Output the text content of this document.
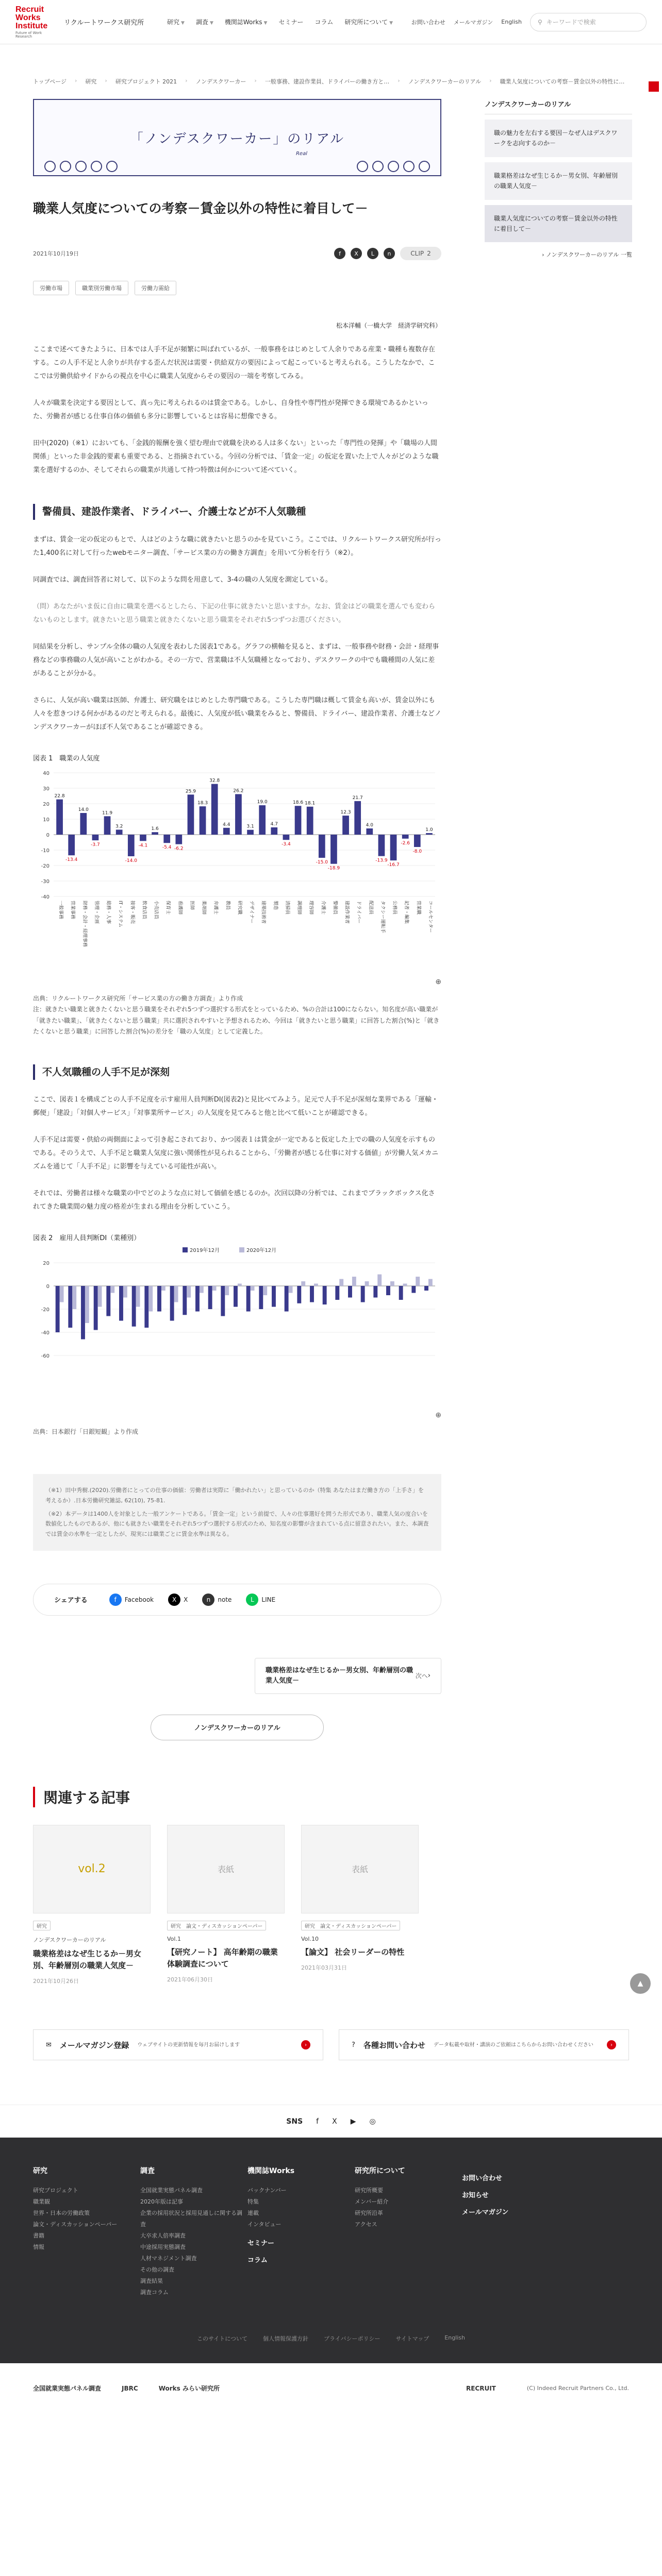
Recruit
Works
Institute
Future of Work Research
リクルートワークス研究所	研究 ▼ 調査 ▼ 機関誌Works ▼ セミナー コラム 研究所について ▼	お問い合わせ メールマガジン English	⚲ キーワードで検索
トップページ › 研究 › 研究プロジェクト 2021 › ノンデスクワーカー › 一般事務、建設作業員、ドライバーの働き方と… › ノンデスクワーカーのリアル › 職業人気度についての考察－賃金以外の特性に…
「ノンデスクワーカー」のリアル
Real
職業人気度についての考察－賃金以外の特性に着目して－
2021年10月19日	f	X	L	n	CLIP 2
労働市場	職業別労働市場	労働力需給
松本洋輔（一橋大学　経済学研究科）

ここまで述べてきたように、日本では人手不足が頻繁に叫ばれているが、一般事務をはじめとして人余りである産業・職種も複数存在する。この人手不足と人余りが共存する歪んだ状況は需要・供給双方の要因によって起こっていると考えられる。こうしたなかで、ここでは労働供給サイドからの視点を中心に職業人気度からその要因の一端を考察してみる。

人々が職業を決定する要因として、真っ先に考えられるのは賃金である。しかし、自身性や専門性が発揮できる環境であるかといった、労働者が感じる仕事自体の価値も多分に影響しているとは容易に想像できる。

田中(2020)（※1）においても、「金銭的報酬を強く望む理由で就職を決める人は多くない」といった「専門性の発揮」や「職場の人間関係」といった非金銭的要素も重要である、と指摘されている。今回の分析では、「賃金一定」の仮定を置いた上で人々がどのような職業を選好するのか、そしてそれらの職業が共通して持つ特徴は何かについて述べていく。

警備員、建設作業者、ドライバー、介護士などが不人気職種

まずは、賃金一定の仮定のもとで、人はどのような職に就きたいと思うのかを見ていこう。ここでは、リクルートワークス研究所が行った1,400名に対して行ったwebモニター調査、「サービス業の方の働き方調査」を用いて分析を行う（※2）。

同調査では、調査回答者に対して、以下のような問を用意して、3-4の職の人気度を測定している。

（問）あなたがいま仮に自由に職業を選べるとしたら、下記の仕事に就きたいと思いますか。なお、賃金はどの職業を選んでも変わらないものとします。就きたいと思う職業と就きたくないと思う職業をそれぞれ5つずつお選びください。

同結果を分析し、サンプル全体の職の人気度を表わした図表1である。グラフの横軸を見ると、まずは、一般事務や財務・会計・経理事務などの事務職の人気が高いことがわかる。その一方で、営業職は不人気職種となっており、デスクワークの中でも職種間の人気に差があることが分かる。

さらに、人気が高い職業は医師、弁護士、研究職をはじめとした専門職である。こうした専門職は概して賃金も高いが、賃金以外にも人々を惹きつける何かがあるのだと考えられる。最後に、人気度が低い職業をみると、警備員、ドライバー、建設作業者、介護士などノンデスクワーカーがほぼ不人気であることが確認できる。

図表 1　職業の人気度
40
30
20
10
0
-10
-20
-30
-40
22.8
一般事務
-13.4
営業事務
14.0
財務・会計・経理事務
-3.7
管理・企画
11.9
総務・人事
3.2
IT・システム
-14.0
接客・販売
-4.1
飲食店員
1.6
小売店員
-5.4
保育士
-6.2
看護師
25.9
医師
18.3
薬剤師
32.8
弁護士
4.4
教員
26.2
研究職
3.1
デザイナー
19.0
建築技術者
4.7
製造
-3.4
清掃員
18.6
調理師
18.1
理容師
-15.0
介護士
-18.9
警備員
12.3
建設作業者
21.7
ドライバー
4.0
配送員
-13.9
タクシー運転手
-16.7
公務員
-2.6
記者・編集
-8.0
営業職
1.0
コールセンター
⊕
出典：リクルートワークス研究所「サービス業の方の働き方調査」より作成
注：就きたい職業と就きたくないと思う職業をそれぞれ5つずつ選択する形式をとっているため、%の合計は100にならない。知名度が高い職業が「就きたい職業」、「就きたくないと思う職業」共に選択されやすいと予想されるため、今回は「就きたいと思う職業」に回答した割合(%)と「就きたくないと思う職業」に回答した割合(%)の差分を「職の人気度」として定義した。
不人気職種の人手不足が深刻

ここで、図表１を構成ごとの人手不足度を示す雇用人員判断DI(図表2)と見比べてみよう。足元で人手不足が深刻な業界である「運輸・郵便」「建設」「対個人サービス」「対事業所サービス」の人気度を見てみると他と比べて低いことが確認できる。

人手不足は需要・供給の両側面によって引き起こされており、かつ図表１は賃金が一定であると仮定した上での職の人気度を示すものである。そのうえで、人手不足と職業人気度に強い関係性が見られることから、「労働者が感じる仕事に対する価値」が労働人気メカニズムを通じて「人手不足」に影響を与えている可能性が高い。

それでは、労働者は様々な職業の中でどのような点に対して価値を感じるのか。次回以降の分析では、これまでブラックボックス化されてきた職業間の魅力度の格差が生まれる理由を分析していこう。

図表 2　雇用人員判断DI（業種別）
2019年12月	2020年12月
20
0
-20
-40
-60
⊕
出典：日本銀行「日銀短観」より作成

（※1）田中秀樹.(2020).労働者にとっての仕事の価値：労働者は実際に「働かれたい」と思っているのか（特集 あなたはまだ働き方の「上手さ」を考えるか）.日本労働研究雑誌, 62(10), 75-81.

（※2）本データは1400人を対象とした一般アンケートである。「賃金一定」という前提で、人々の仕事選好を問うた形式であり、職業人気の度合いを数値化したものであるが、他にも就きたい職業をそれぞれ5つずつ選択する形式のため、知名度の影響が含まれている点に留意されたい。また、本調査では賃金の水準を一定としたが、現実には職業ごとに賃金水準は異なる。

シェアする	f	Facebook	X	X	n	note	L	LINE
職業格差はなぜ生じるか－男女別、年齢層別の職業人気度－
次へ ›
ノンデスクワーカーのリアル
ノンデスクワーカーのリアル
職の魅力を左右する要因－なぜ人はデスクワークを志向するのか－
職業格差はなぜ生じるか－男女別、年齢層別の職業人気度－
職業人気度についての考察－賃金以外の特性に着目して－
› ノンデスクワーカーのリアル 一覧
関連する記事
vol.2
研究
ノンデスクワーカーのリアル
職業格差はなぜ生じるか－男女別、年齢層別の職業人気度－
2021年10月26日
表紙
研究　論文・ディスカッションペーパー
Vol.1
【研究ノート】 高年齢期の職業体験調査について
2021年06月30日
表紙
研究　論文・ディスカッションペーパー
Vol.10
【論文】 社会リーダーの特性
2021年03月31日
✉ メールマガジン登録 ウェブサイトの更新情報を毎月お届けします	›	? 各種お問い合わせ データ転載や取材・講演のご依頼はこちらからお問い合わせください	›
SNS f X ▶ ◎
研究
研究プロジェクト
職業観
世界・日本の労働政策
論文・ディスカッションペーパー
書籍
情報
調査
全国就業実態パネル調査
2020年版は記事
企業の採用状況と採用見通しに関する調査
大卒求人倍率調査
中途採用実態調査
人材マネジメント調査
その他の調査
調査結果
調査コラム
機関誌Works
バックナンバー
特集
連載
インタビュー
セミナー
コラム
研究所について
研究所概要
メンバー紹介
研究所沿革
アクセス
お問い合わせ
お知らせ
メールマガジン
このサイトについて	個人情報保護方針	プライバシーポリシー	サイトマップ	English
全国就業実態パネル調査	JBRC	Works みらい研究所	RECRUIT	(C) Indeed Recruit Partners Co., Ltd.
▲
